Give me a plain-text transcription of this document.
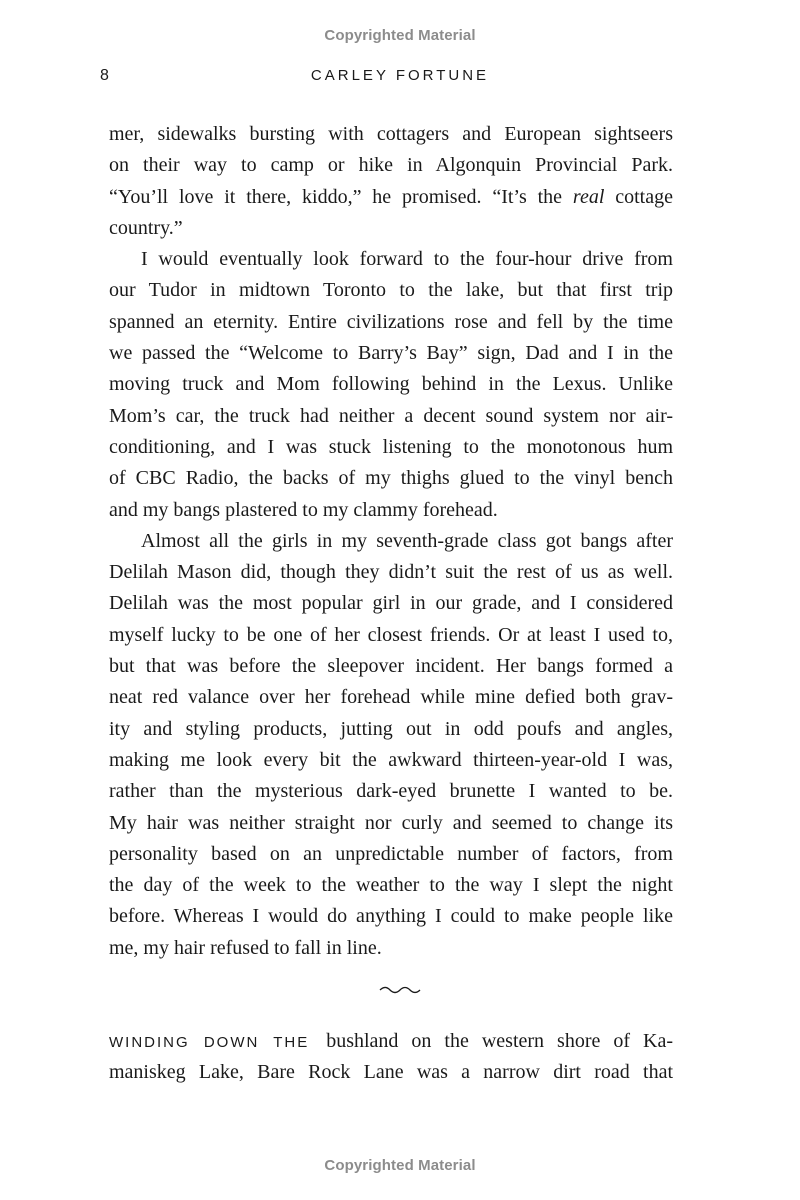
Copyrighted Material
8	CARLEY FORTUNE
mer, sidewalks bursting with cottagers and European sightseers
on their way to camp or hike in Algonquin Provincial Park.
“You’ll love it there, kiddo,” he promised. “It’s the real cottage
country.”
I would eventually look forward to the four-hour drive from
our Tudor in midtown Toronto to the lake, but that first trip
spanned an eternity. Entire civilizations rose and fell by the time
we passed the “Welcome to Barry’s Bay” sign, Dad and I in the
moving truck and Mom following behind in the Lexus. Unlike
Mom’s car, the truck had neither a decent sound system nor air-
conditioning, and I was stuck listening to the monotonous hum
of CBC Radio, the backs of my thighs glued to the vinyl bench
and my bangs plastered to my clammy forehead.
Almost all the girls in my seventh-grade class got bangs after
Delilah Mason did, though they didn’t suit the rest of us as well.
Delilah was the most popular girl in our grade, and I considered
myself lucky to be one of her closest friends. Or at least I used to,
but that was before the sleepover incident. Her bangs formed a
neat red valance over her forehead while mine defied both grav-
ity and styling products, jutting out in odd poufs and angles,
making me look every bit the awkward thirteen-year-old I was,
rather than the mysterious dark-eyed brunette I wanted to be.
My hair was neither straight nor curly and seemed to change its
personality based on an unpredictable number of factors, from
the day of the week to the weather to the way I slept the night
before. Whereas I would do anything I could to make people like
me, my hair refused to fall in line.
WINDING DOWN THE bushland on the western shore of Ka-
maniskeg Lake, Bare Rock Lane was a narrow dirt road that
Copyrighted Material
